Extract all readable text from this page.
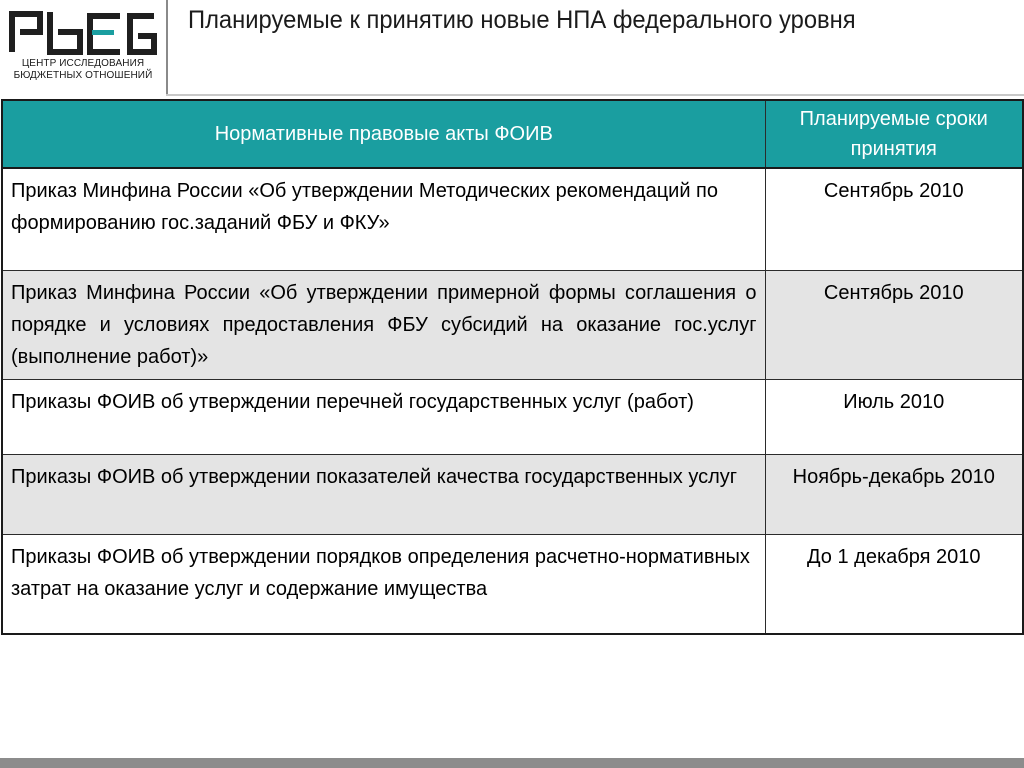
ЦЕНТР ИССЛЕДОВАНИЯ
БЮДЖЕТНЫХ ОТНОШЕНИЙ
Планируемые к принятию новые НПА федерального уровня
Нормативные правовые акты ФОИВ	Планируемые сроки принятия
Приказ Минфина России «Об утверждении Методических рекомендаций по формированию гос.заданий ФБУ и ФКУ»	Сентябрь 2010
Приказ Минфина России «Об утверждении примерной формы соглашения о порядке и условиях предоставления ФБУ субсидий на оказание гос.услуг (выполнение работ)»	Сентябрь 2010
Приказы ФОИВ об утверждении перечней государственных услуг (работ)	Июль 2010
Приказы ФОИВ об утверждении показателей качества государственных услуг	Ноябрь-декабрь 2010
Приказы ФОИВ об утверждении порядков определения расчетно-нормативных затрат на оказание услуг и содержание имущества	До 1 декабря 2010
